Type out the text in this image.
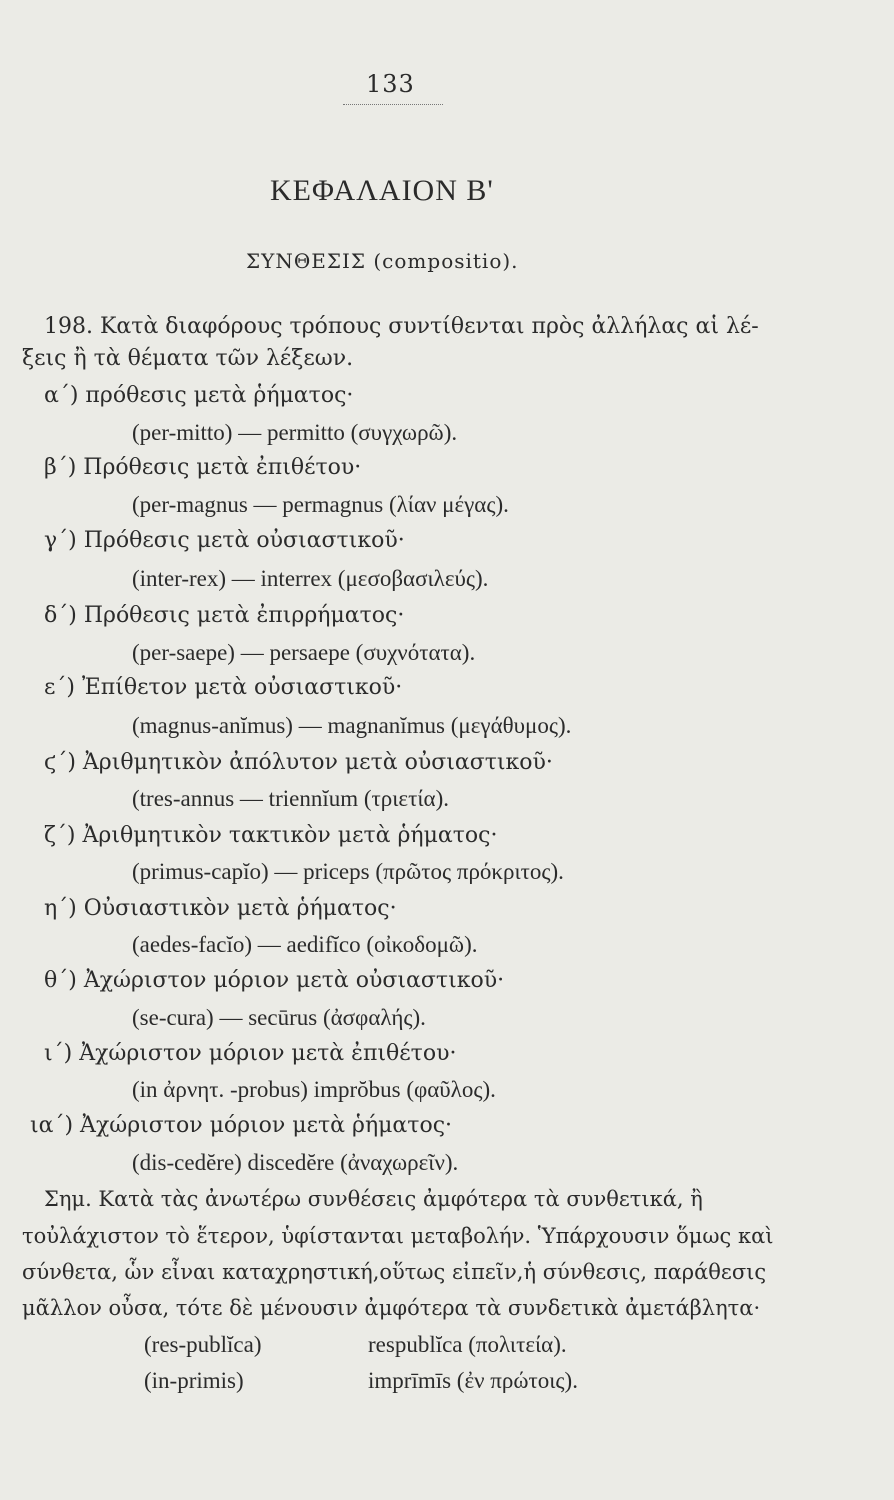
133
ΚΕΦΑΛΑΙΟΝ Β'
ΣΥΝΘΕΣΙΣ (compositio).
198. Κατὰ διαφόρους τρόπους συντίθενται πρὸς ἀλλήλας αἱ λέ-
ξεις ἢ τὰ θέματα τῶν λέξεων.
α΄) πρόθεσις μετὰ ῥήματος·
(per-mitto) — permitto (συγχωρῶ).
β΄) Πρόθεσις μετὰ ἐπιθέτου·
(per-magnus — permagnus (λίαν μέγας).
γ΄) Πρόθεσις μετὰ οὐσιαστικοῦ·
(inter-rex) — interrex (μεσοβασιλεύς).
δ΄) Πρόθεσις μετὰ ἐπιρρήματος·
(per-saepe) — persaepe (συχνότατα).
ε΄) Ἐπίθετον μετὰ οὐσιαστικοῦ·
(magnus-anĭmus) — magnanĭmus (μεγάθυμος).
ϛ΄) Ἀριθμητικὸν ἀπόλυτον μετὰ οὐσιαστικοῦ·
(tres-annus — triennĭum (τριετία).
ζ΄) Ἀριθμητικὸν τακτικὸν μετὰ ῥήματος·
(primus-capĭo) — priceps (πρῶτος πρόκριτος).
η΄) Οὐσιαστικὸν μετὰ ῥήματος·
(aedes-facĭo) — aedifĭco (οἰκοδομῶ).
θ΄) Ἀχώριστον μόριον μετὰ οὐσιαστικοῦ·
(se-cura) — secūrus (ἀσφαλής).
ι΄) Ἀχώριστον μόριον μετὰ ἐπιθέτου·
(in ἀρνητ. -probus) imprŏbus (φαῦλος).
ια΄) Ἀχώριστον μόριον μετὰ ῥήματος·
(dis-cedĕre) discedĕre (ἀναχωρεῖν).
Σημ. Κατὰ τὰς ἀνωτέρω συνθέσεις ἀμφότερα τὰ συνθετικά, ἢ
τοὐλάχιστον τὸ ἕτερον, ὑφίστανται μεταβολήν. Ὑπάρχουσιν ὅμως καὶ
σύνθετα, ὧν εἶναι καταχρηστική,οὕτως εἰπεῖν,ἡ σύνθεσις, παράθεσις
μᾶλλον οὖσα, τότε δὲ μένουσιν ἀμφότερα τὰ συνδετικὰ ἀμετάβλητα·
(res-publĭca)	respublĭca (πολιτεία).
(in-primis)	imprīmīs (ἐν πρώτοις).
